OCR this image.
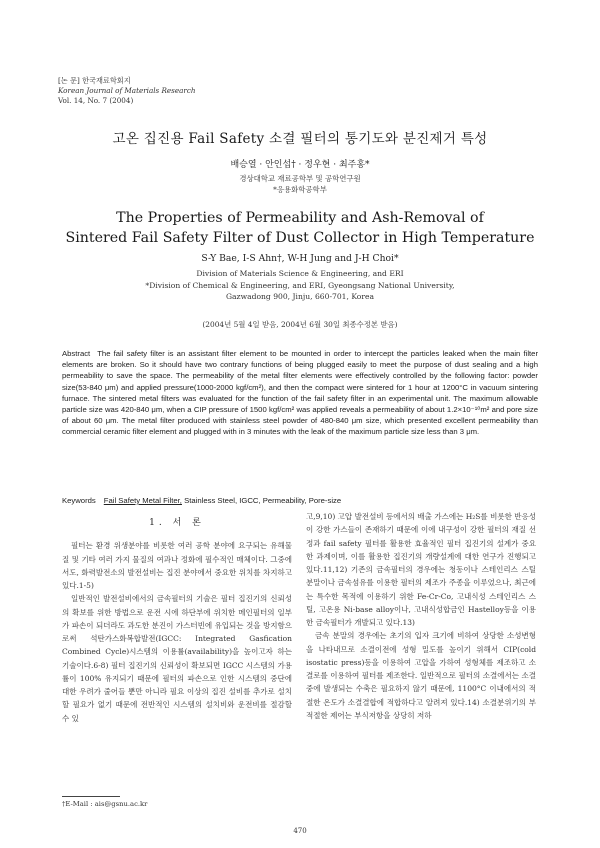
[논 문] 한국재료학회지
Korean Journal of Materials Research
Vol. 14, No. 7 (2004)
고온 집진용 Fail Safety 소결 필터의 통기도와 분진제거 특성
배승열 · 안인섭† · 정우현 · 최주홍*
경상대학교 재료공학부 및 공학연구원
*응용화학공학부
The Properties of Permeability and Ash-Removal of
Sintered Fail Safety Filter of Dust Collector in High Temperature
S-Y Bae, I-S Ahn†, W-H Jung and J-H Choi*
Division of Materials Science & Engineering, and ERI
*Division of Chemical & Engineering, and ERI, Gyeongsang National University,
Gazwadong 900, Jinju, 660-701, Korea
(2004년 5월 4일 받음, 2004년 6월 30일 최종수정본 받음)
Abstract The fail safety filter is an assistant filter element to be mounted in order to intercept the particles leaked when the main filter elements are broken. So it should have two contrary functions of being plugged easily to meet the purpose of dust sealing and a high permeability to save the space. The permeability of the metal filter elements were effectively controlled by the following factor: powder size(53-840 μm) and applied pressure(1000-2000 kgf/cm²), and then the compact were sintered for 1 hour at 1200°C in vacuum sintering furnace. The sintered metal filters was evaluated for the function of the fail safety filter in an experimental unit. The maximum allowable particle size was 420-840 μm, when a CIP pressure of 1500 kgf/cm² was applied reveals a permeability of about 1.2×10⁻¹⁰m² and pore size of about 60 μm. The metal filter produced with stainless steel powder of 480-840 μm size, which presented excellent permeability than commercial ceramic filter element and plugged with in 3 minutes with the leak of the maximum particle size less than 3 μm.
Keywords Fail Safety Metal Filter, Stainless Steel, IGCC, Permeability, Pore-size
1. 서 론

필터는 환경 위생분야를 비롯한 여러 공학 분야에 요구되는 유해물질 및 기타 여러 가지 물질의 여과나 정화에 필수적인 매체이다. 그중에서도, 화력발전소의 발전설비는 집진 분야에서 중요한 위치를 차지하고 있다.1-5)

일반적인 발전설비에서의 금속필터의 기술은 필터 집진기의 신뢰성의 확보를 위한 방법으로 운전 시에 하단부에 위치한 메인필터의 일부가 파손이 되더라도 과도한 분진이 가스터빈에 유입되는 것을 방지함으로써 석탄가스화복합발전(IGCC: Integrated Gasfication Combined Cycle)시스템의 이용률(availability)을 높이고자 하는 기술이다.6-8) 필터 집진기의 신뢰성이 확보되면 IGCC 시스템의 가용률이 100% 유지되기 때문에 필터의 파손으로 인한 시스템의 중단에 대한 우려가 줄어들 뿐만 아니라 필요 이상의 집진 설비를 추가로 설치할 필요가 없기 때문에 전반적인 시스템의 설치비와 운전비를 절감할 수 있

고,9,10) 고압 발전설비 등에서의 배출 가스에는 H₂S를 비롯한 반응성이 강한 가스들이 존재하기 때문에 이에 내구성이 강한 필터의 재질 선정과 fail safety 필터를 활용한 효율적인 필터 집진기의 설계가 중요한 과제이며, 이를 활용한 집진기의 개량설계에 대한 연구가 진행되고 있다.11,12) 기존의 금속필터의 경우에는 청동이나 스테인리스 스틸 분말이나 금속섬유를 이용한 필터의 제조가 주종을 이루었으나, 최근에는 특수한 목적에 이용하기 위한 Fe-Cr-Co, 고내식성 스테인리스 스틸, 고온용 Ni-base alloy이나, 고내식성합금인 Hastelloy등을 이용한 금속필터가 개발되고 있다.13)

금속 분말의 경우에는 초기의 입자 크기에 비하여 상당한 소성변형을 나타내므로 소결이전에 성형 밀도를 높이기 위해서 CIP(cold isostatic press)등을 이용하여 고압을 가하여 성형체를 제조하고 소결로를 이용하여 필터를 제조한다. 일반적으로 필터의 소결에서는 소결중에 발생되는 수축은 필요하지 않기 때문에, 1100°C 이내에서의 적절한 온도가 소결결합에 적합하다고 알려져 있다.14) 소결분위기의 부적절한 제어는 부식저항을 상당히 저하

†E-Mail : ais@gsnu.ac.kr
470
